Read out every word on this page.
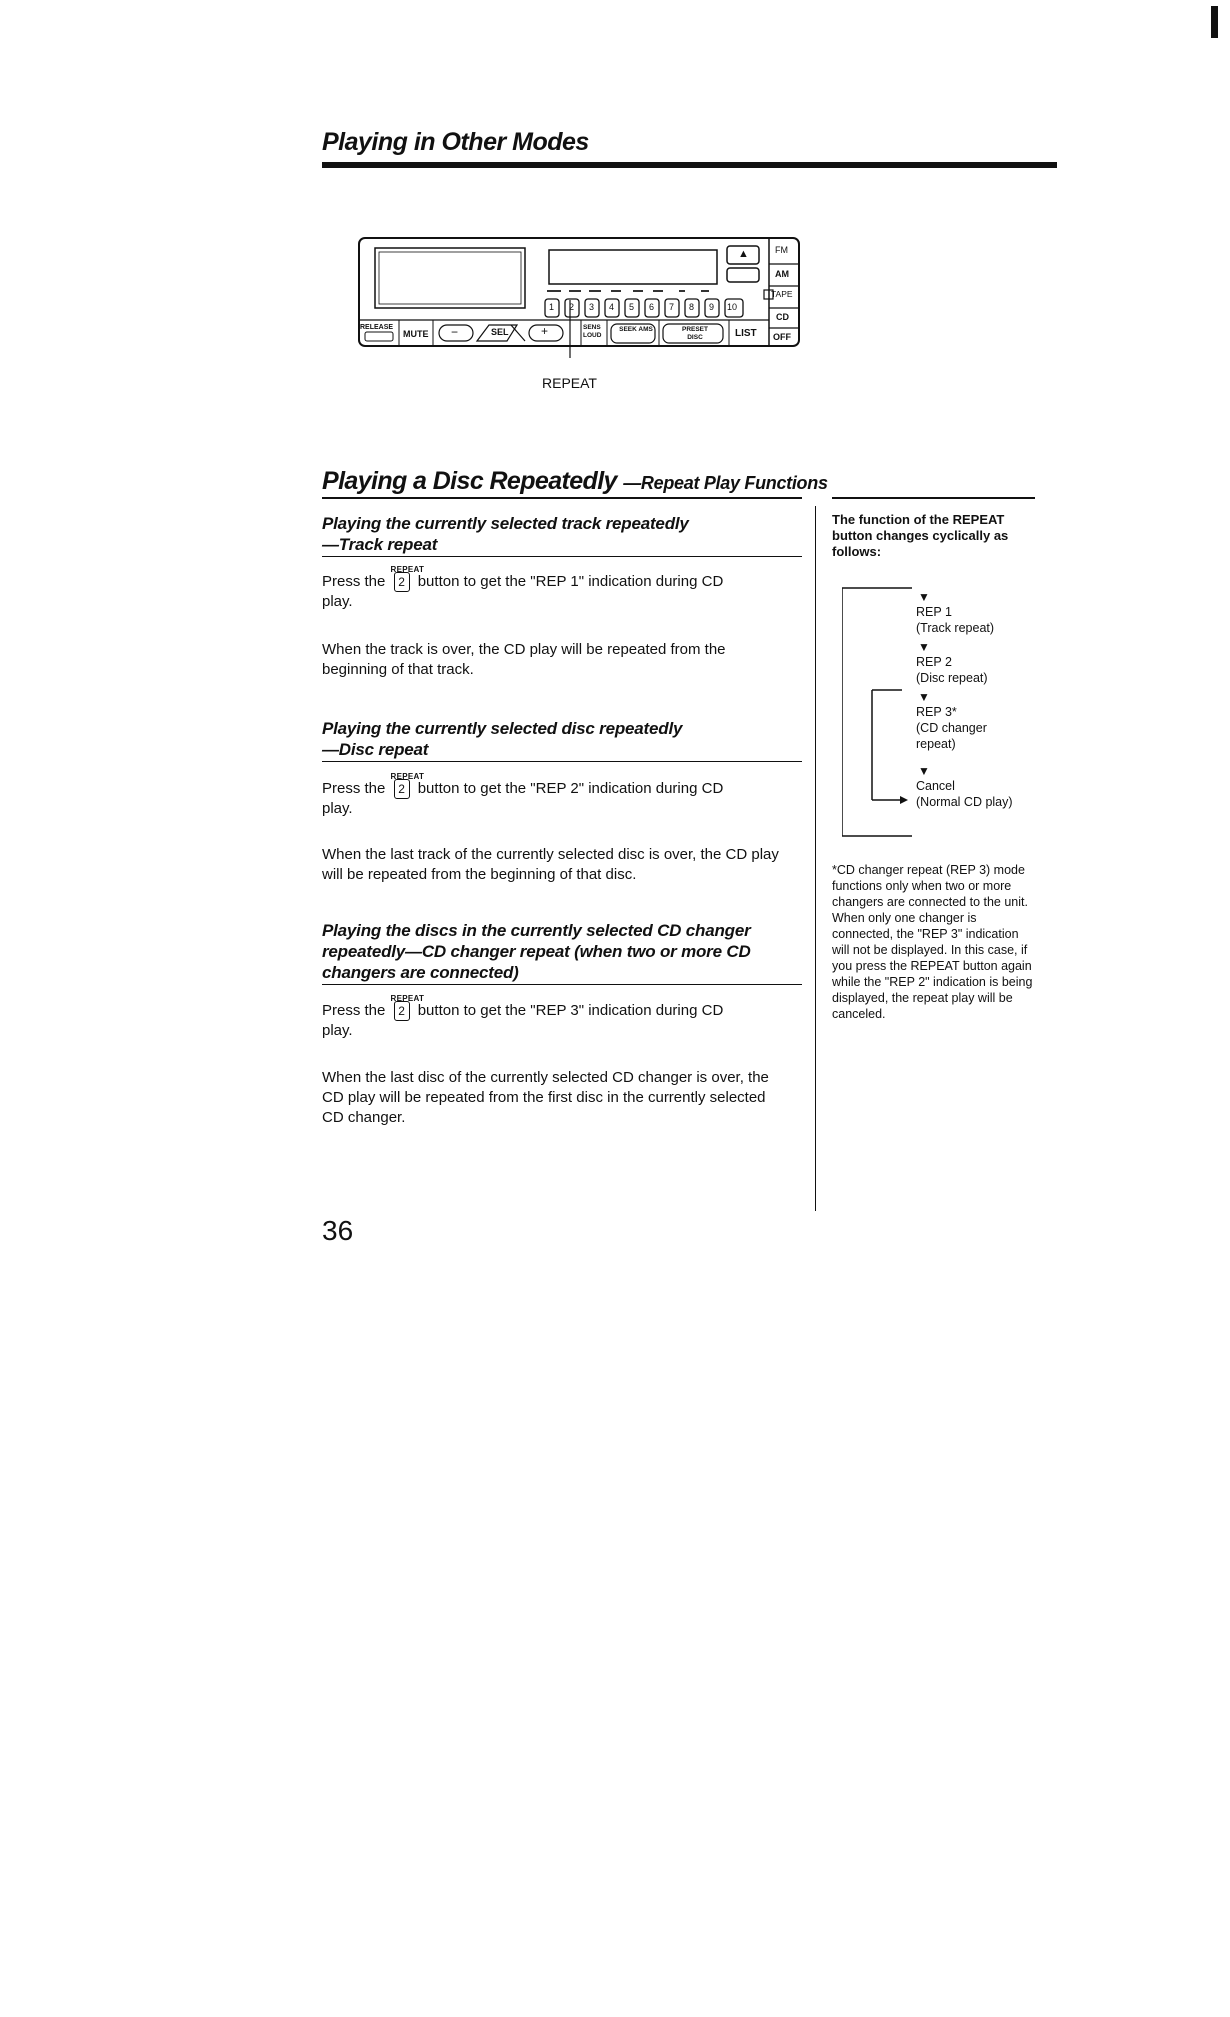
Playing in Other Modes
RELEASE
MUTE −	SEL	+	SENS LOUD
SEEK AMS	PRESET DISC	LIST
FM
AM
TAPE
CD
OFF
▲
1 2 3 4 5 6 7 8 9 10
REPEAT
Playing a Disc Repeatedly —Repeat Play Functions
Playing the currently selected track repeatedly
—Track repeat
Press the
REPEAT
2 button to get the "REP 1" indication during CD
play.
When the track is over, the CD play will be repeated from the beginning of that track.
Playing the currently selected disc repeatedly
—Disc repeat
Press the
REPEAT
2 button to get the "REP 2" indication during CD
play.
When the last track of the currently selected disc is over, the CD play will be repeated from the beginning of that disc.
Playing the discs in the currently selected CD changer
repeatedly—CD changer repeat (when two or more CD
changers are connected)
Press the
REPEAT
2 button to get the "REP 3" indication during CD
play.
When the last disc of the currently selected CD changer is over, the CD play will be repeated from the first disc in the currently selected CD changer.
The function of the REPEAT button changes cyclically as follows:
▼
REP 1
(Track repeat)
▼
REP 2
(Disc repeat)
▼
REP 3*
(CD changer repeat)
▼
Cancel
(Normal CD play)
*CD changer repeat (REP 3) mode functions only when two or more changers are connected to the unit. When only one changer is connected, the "REP 3" indication will not be displayed. In this case, if you press the REPEAT button again while the "REP 2" indication is being displayed, the repeat play will be canceled.
36
